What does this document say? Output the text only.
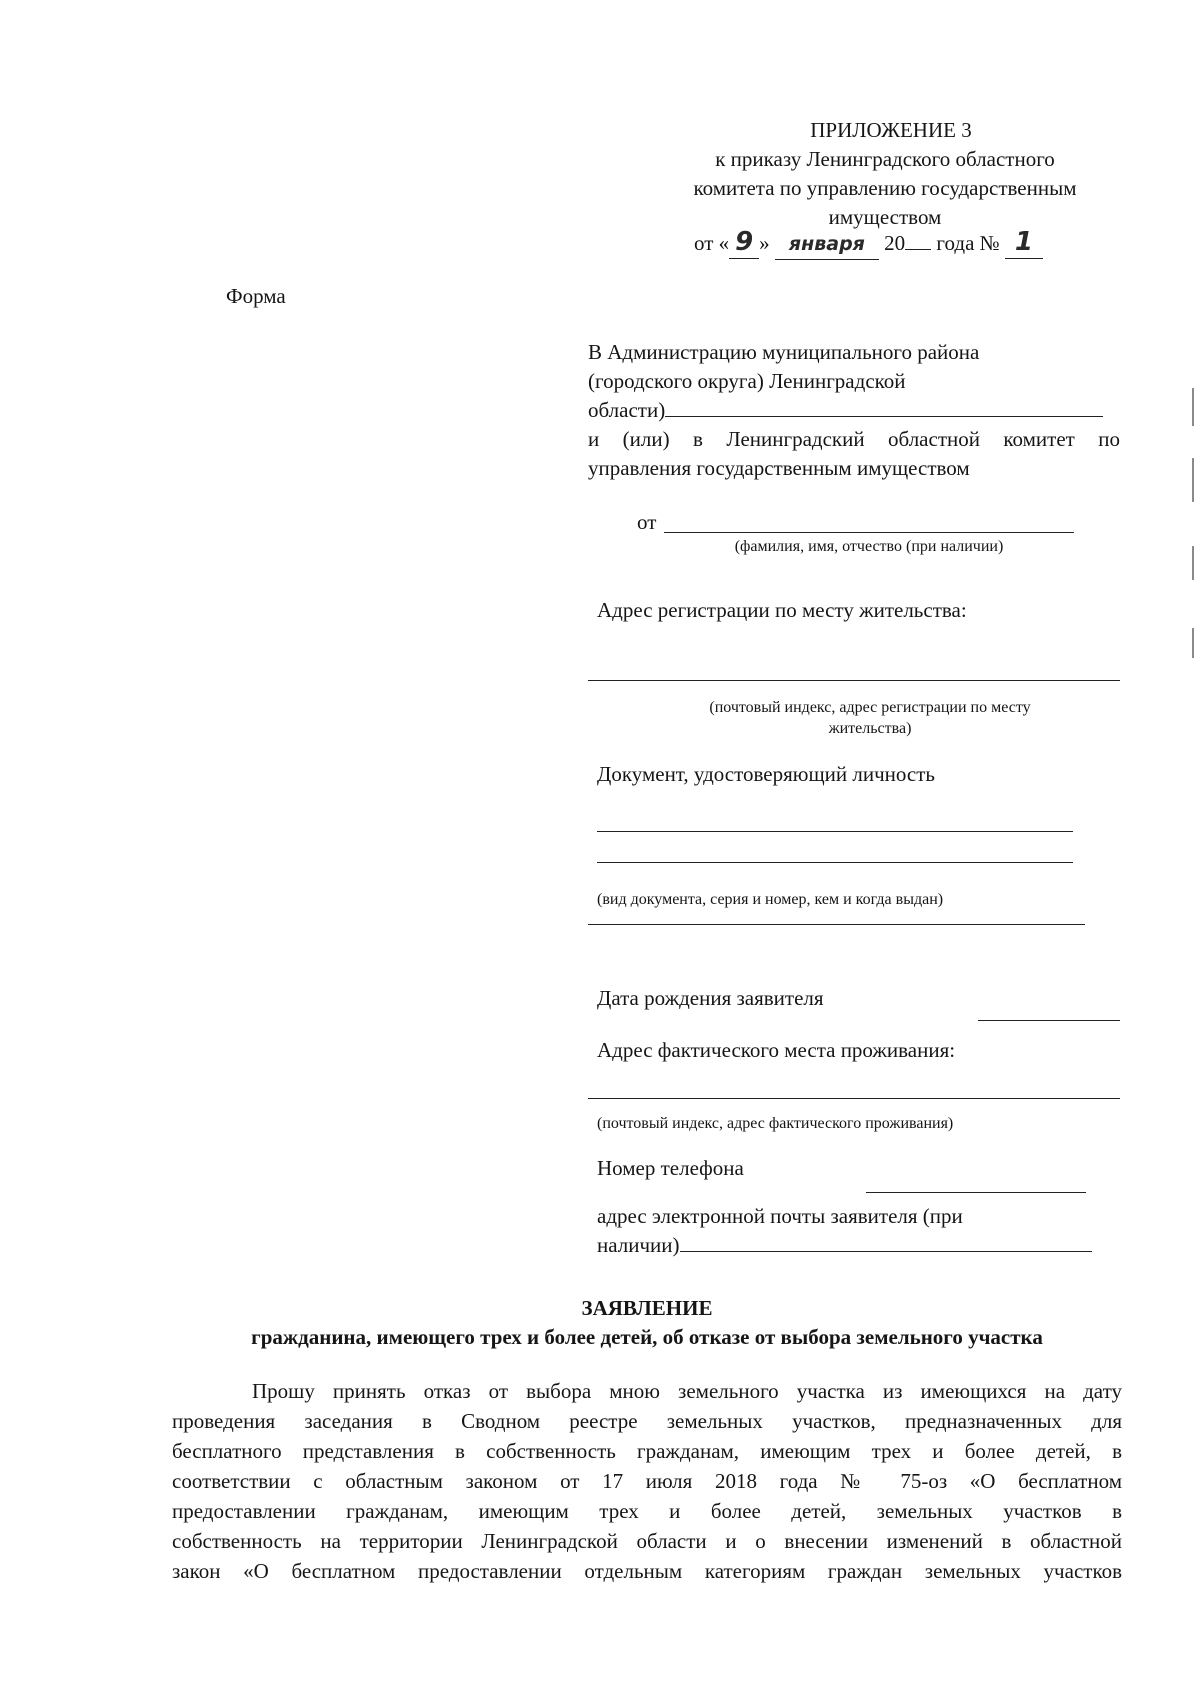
ПРИЛОЖЕНИЕ 3
к приказу Ленинградского областного
комитета по управлению государственным
имуществом
от « 9 » января 20 года № 1
Форма
В Администрацию муниципального района
(городского округа) Ленинградской
области)
и (или) в Ленинградский областной комитет по
управления государственным имуществом
от
(фамилия, имя, отчество (при наличии)
Адрес регистрации по месту жительства:
(почтовый индекс, адрес регистрации по месту
жительства)
Документ, удостоверяющий личность
(вид документа, серия и номер, кем и когда выдан)
Дата рождения заявителя
Адрес фактического места проживания:
(почтовый индекс, адрес фактического проживания)
Номер телефона
адрес электронной почты заявителя (при
наличии)
ЗАЯВЛЕНИЕ
гражданина, имеющего трех и более детей, об отказе от выбора земельного участка
Прошу принять отказ от выбора мною земельного участка из имеющихся на дату
проведения заседания в Сводном реестре земельных участков, предназначенных для
бесплатного представления в собственность гражданам, имеющим трех и более детей, в
соответствии с областным законом от 17 июля 2018 года № 75-оз «О бесплатном
предоставлении гражданам, имеющим трех и более детей, земельных участков в
собственность на территории Ленинградской области и о внесении изменений в областной
закон «О бесплатном предоставлении отдельным категориям граждан земельных участков
